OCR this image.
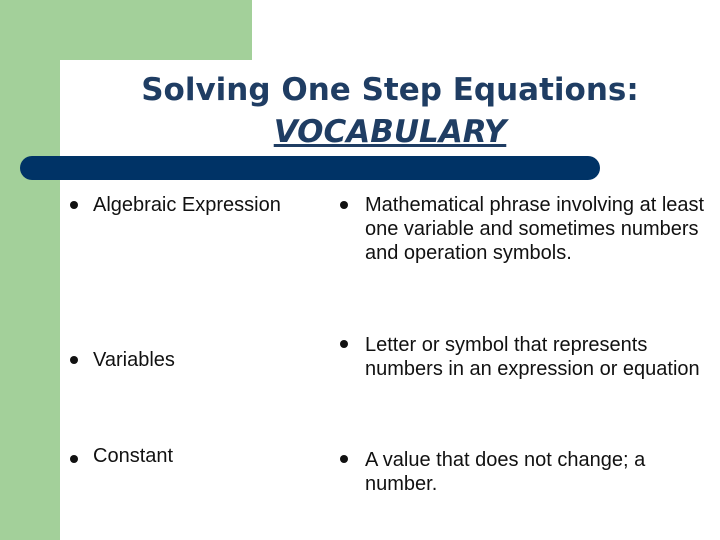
Solving One Step Equations:
VOCABULARY
Algebraic Expression	Mathematical phrase involving at least one variable and sometimes numbers and operation symbols.
Variables
Letter or symbol that represents numbers in an expression or equation
Constant	A value that does not change; a number.
